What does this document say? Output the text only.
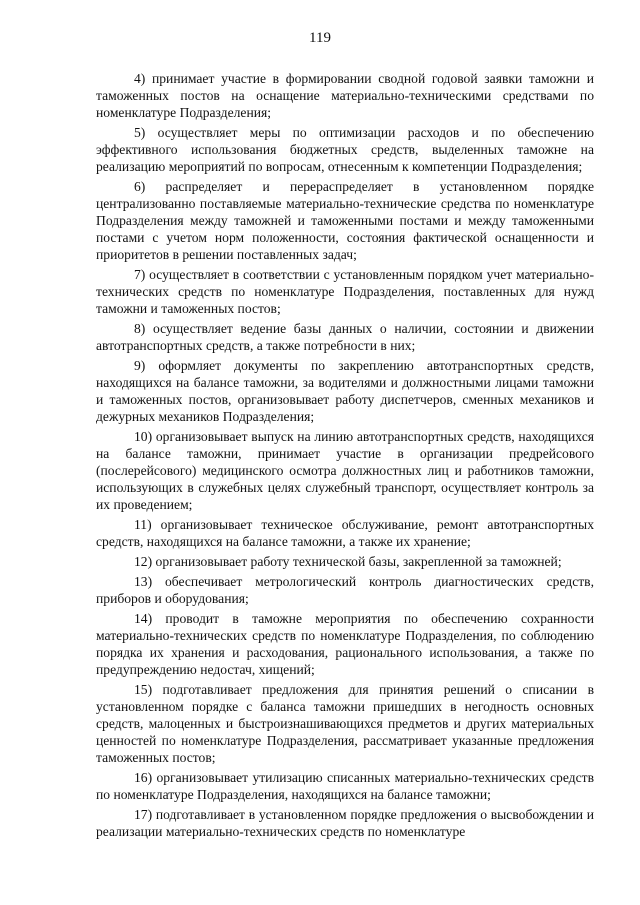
119

4) принимает участие в формировании сводной годовой заявки таможни и таможенных постов на оснащение материально-техническими средствами по номенклатуре Подразделения;

5) осуществляет меры по оптимизации расходов и по обеспечению эффективного использования бюджетных средств, выделенных таможне на реализацию мероприятий по вопросам, отнесенным к компетенции Подразделения;

6) распределяет и перераспределяет в установленном порядке централизованно поставляемые материально-технические средства по номенклатуре Подразделения между таможней и таможенными постами и между таможенными постами с учетом норм положенности, состояния фактической оснащенности и приоритетов в решении поставленных задач;

7) осуществляет в соответствии с установленным порядком учет материально-технических средств по номенклатуре Подразделения, поставленных для нужд таможни и таможенных постов;

8) осуществляет ведение базы данных о наличии, состоянии и движении автотранспортных средств, а также потребности в них;

9) оформляет документы по закреплению автотранспортных средств, находящихся на балансе таможни, за водителями и должностными лицами таможни и таможенных постов, организовывает работу диспетчеров, сменных механиков и дежурных механиков Подразделения;

10) организовывает выпуск на линию автотранспортных средств, находящихся на балансе таможни, принимает участие в организации предрейсового (послерейсового) медицинского осмотра должностных лиц и работников таможни, использующих в служебных целях служебный транспорт, осуществляет контроль за их проведением;

11) организовывает техническое обслуживание, ремонт автотранспортных средств, находящихся на балансе таможни, а также их хранение;

12) организовывает работу технической базы, закрепленной за таможней;

13) обеспечивает метрологический контроль диагностических средств, приборов и оборудования;

14) проводит в таможне мероприятия по обеспечению сохранности материально-технических средств по номенклатуре Подразделения, по соблюдению порядка их хранения и расходования, рационального использования, а также по предупреждению недостач, хищений;

15) подготавливает предложения для принятия решений о списании в установленном порядке с баланса таможни пришедших в негодность основных средств, малоценных и быстроизнашивающихся предметов и других материальных ценностей по номенклатуре Подразделения, рассматривает указанные предложения таможенных постов;

16) организовывает утилизацию списанных материально-технических средств по номенклатуре Подразделения, находящихся на балансе таможни;

17) подготавливает в установленном порядке предложения о высвобождении и реализации материально-технических средств по номенклатуре
